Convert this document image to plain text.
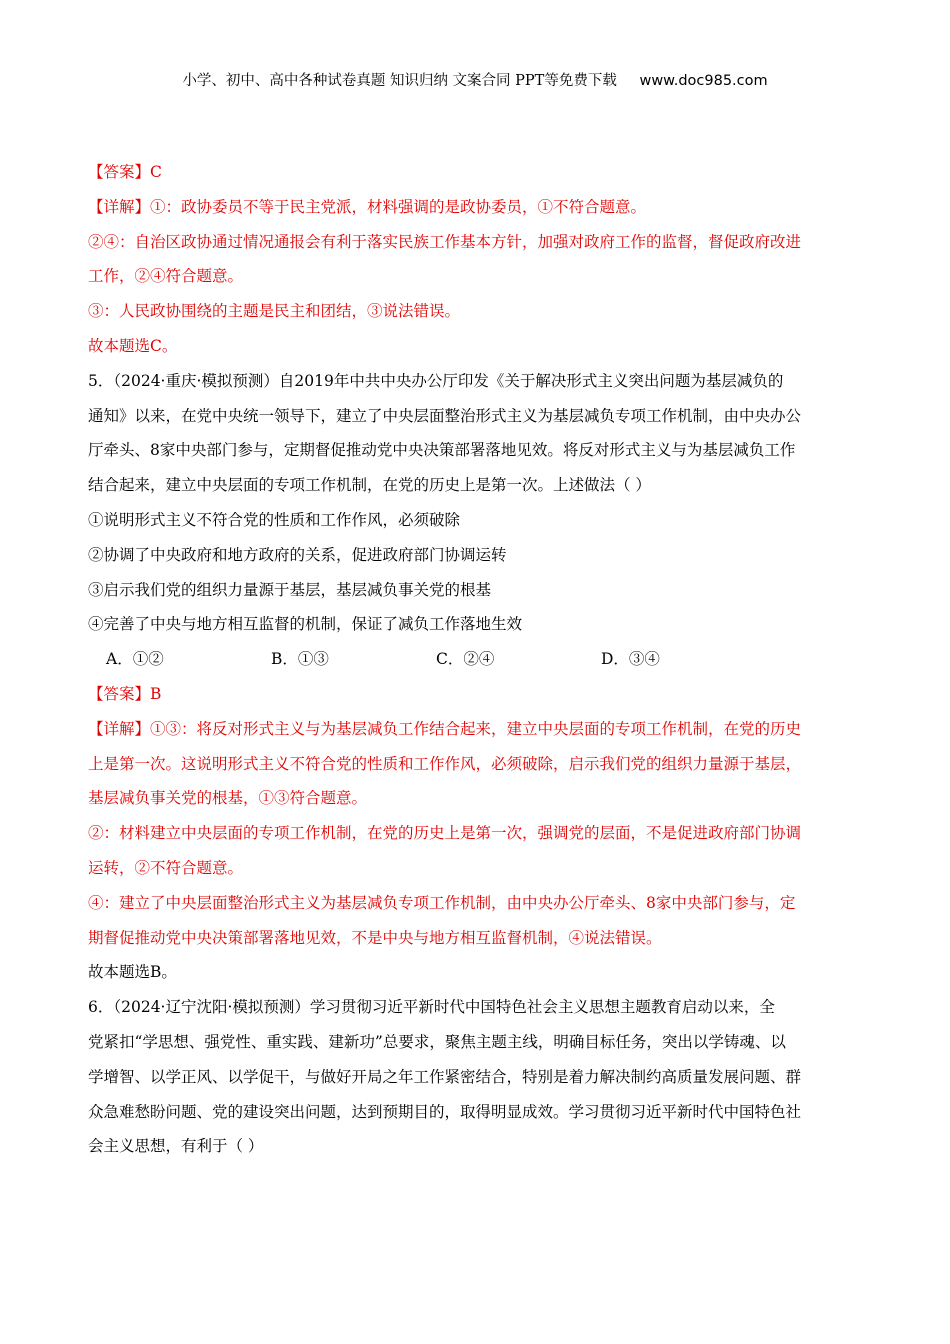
小学、初中、高中各种试卷真题 知识归纳 文案合同 PPT等免费下载 www.doc985.com
【答案】C
【详解】①：政协委员不等于民主党派，材料强调的是政协委员，①不符合题意。
②④：自治区政协通过情况通报会有利于落实民族工作基本方针，加强对政府工作的监督，督促政府改进
工作，②④符合题意。
③：人民政协围绕的主题是民主和团结，③说法错误。
故本题选C。
5．（2024·重庆·模拟预测）自2019年中共中央办公厅印发《关于解决形式主义突出问题为基层减负的
通知》以来，在党中央统一领导下，建立了中央层面整治形式主义为基层减负专项工作机制，由中央办公
厅牵头、8家中央部门参与，定期督促推动党中央决策部署落地见效。将反对形式主义与为基层减负工作
结合起来，建立中央层面的专项工作机制，在党的历史上是第一次。上述做法（ ）
①说明形式主义不符合党的性质和工作作风，必须破除
②协调了中央政府和地方政府的关系，促进政府部门协调运转
③启示我们党的组织力量源于基层，基层减负事关党的根基
④完善了中央与地方相互监督的机制，保证了减负工作落地生效
A．①②	B．①③	C．②④	D．③④
【答案】B
【详解】①③：将反对形式主义与为基层减负工作结合起来，建立中央层面的专项工作机制，在党的历史
上是第一次。这说明形式主义不符合党的性质和工作作风，必须破除，启示我们党的组织力量源于基层，
基层减负事关党的根基，①③符合题意。
②：材料建立中央层面的专项工作机制，在党的历史上是第一次，强调党的层面，不是促进政府部门协调
运转，②不符合题意。
④：建立了中央层面整治形式主义为基层减负专项工作机制，由中央办公厅牵头、8家中央部门参与，定
期督促推动党中央决策部署落地见效，不是中央与地方相互监督机制，④说法错误。
故本题选B。
6．（2024·辽宁沈阳·模拟预测）学习贯彻习近平新时代中国特色社会主义思想主题教育启动以来，全
党紧扣“学思想、强党性、重实践、建新功”总要求，聚焦主题主线，明确目标任务，突出以学铸魂、以
学增智、以学正风、以学促干，与做好开局之年工作紧密结合，特别是着力解决制约高质量发展问题、群
众急难愁盼问题、党的建设突出问题，达到预期目的，取得明显成效。学习贯彻习近平新时代中国特色社
会主义思想，有利于（ ）
